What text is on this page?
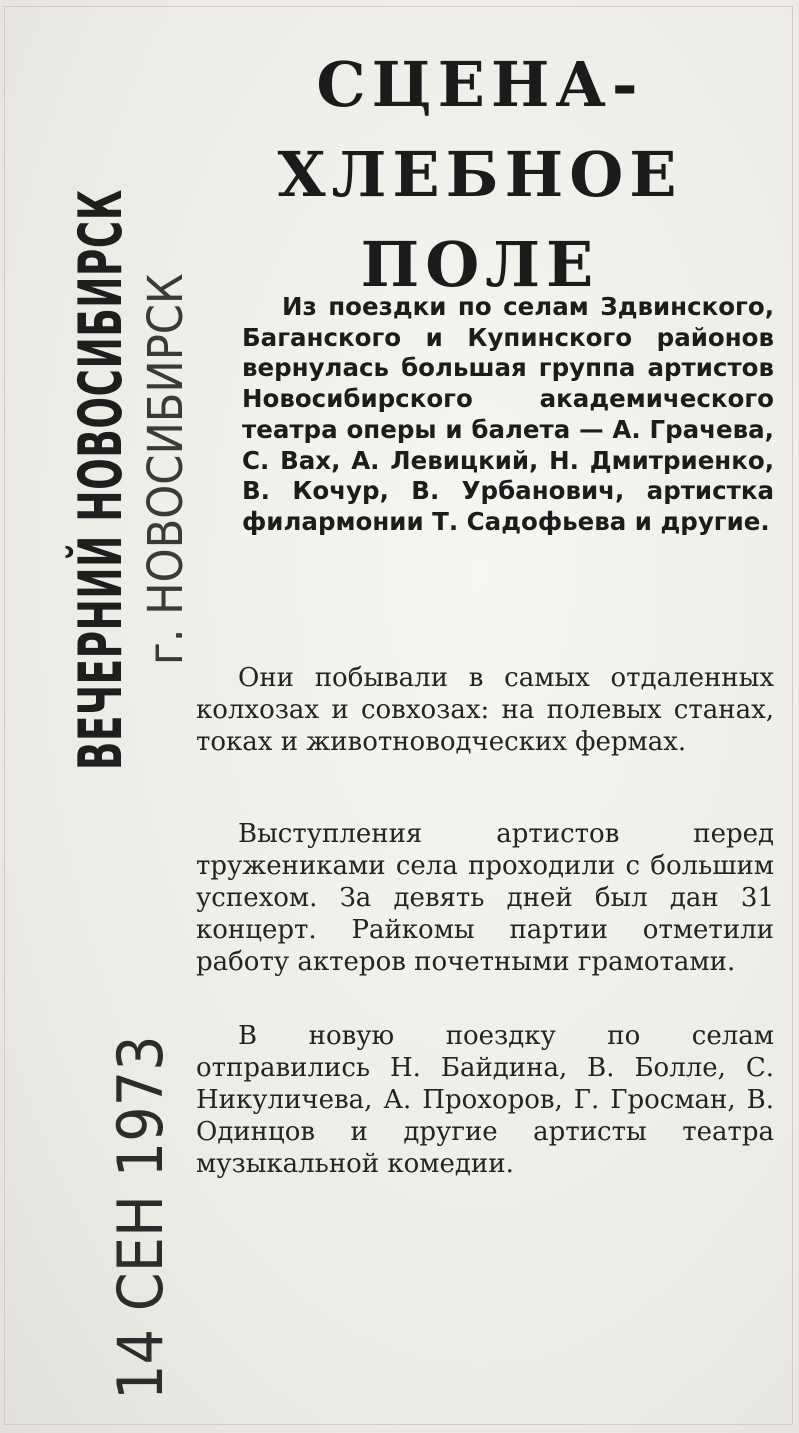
ВЕЧЕРНИЙ НОВОСИБИРСК г. НОВОСИБИРСК
14 СЕН 1973
СЦЕНА-
ХЛЕБНОЕ
ПОЛЕ
Из поездки по селам Здвинского, Баганского и Купинского районов вернулась большая группа артистов Новосибирского академического театра оперы и балета — А. Грачева, С. Вах, А. Левицкий, Н. Дмитриенко, В. Кочур, В. Урбанович, артистка филармонии Т. Садофьева и другие.
Они побывали в самых отдаленных колхозах и совхозах: на полевых станах, токах и животноводческих фермах.
Выступления артистов перед тружениками села проходили с большим успехом. За девять дней был дан 31 концерт. Райкомы партии отметили работу актеров почетными грамотами.
В новую поездку по селам отправились Н. Байдина, В. Болле, С. Никуличева, А. Прохоров, Г. Гросман, В. Одинцов и другие артисты театра музыкальной комедии.
